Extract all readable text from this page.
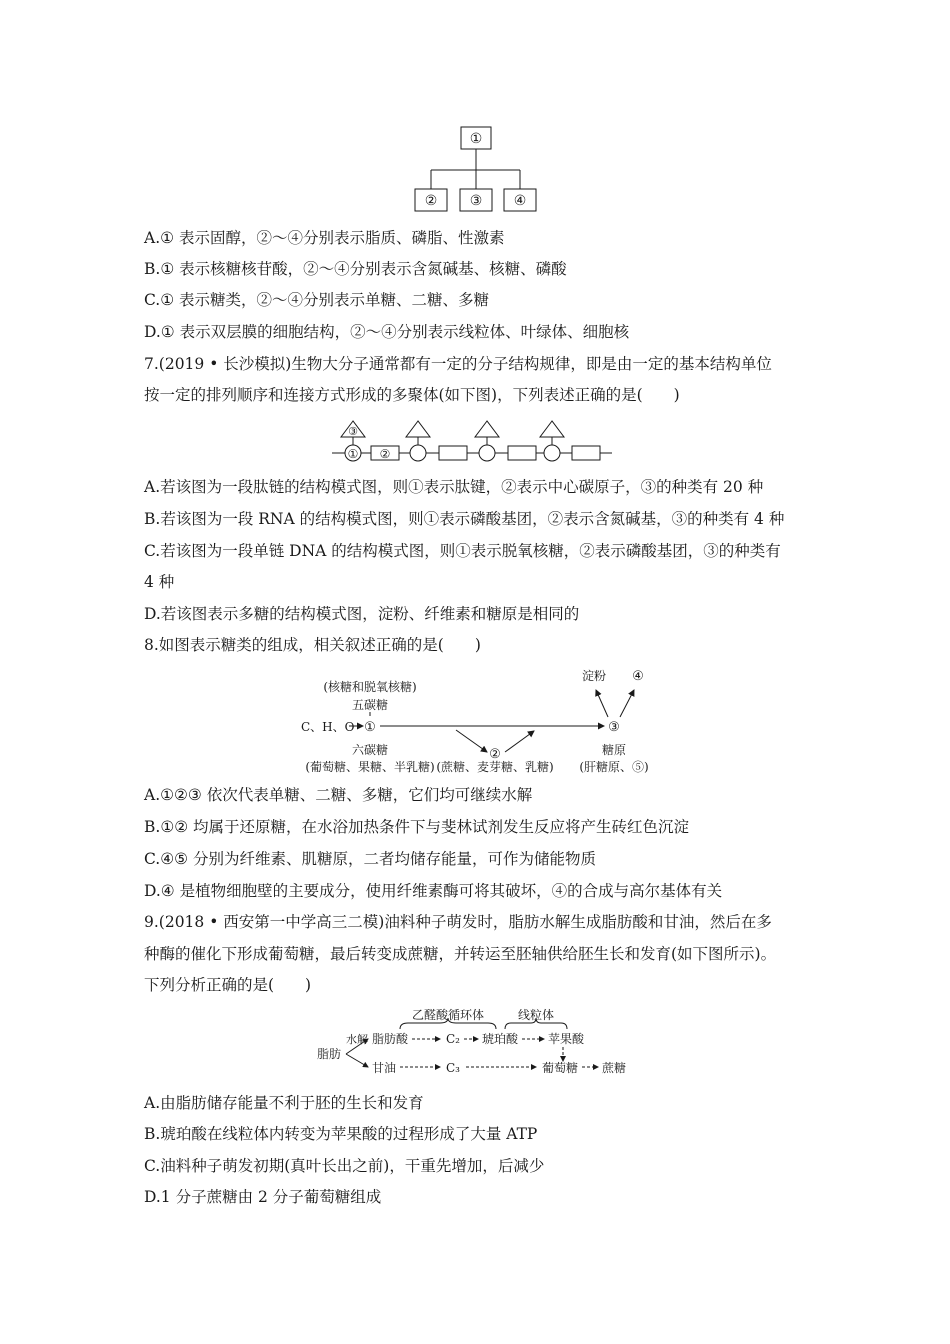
①
② ③ ④
A.① 表示固醇，②～④分别表示脂质、磷脂、性激素
B.① 表示核糖核苷酸，②～④分别表示含氮碱基、核糖、磷酸
C.① 表示糖类，②～④分别表示单糖、二糖、多糖
D.① 表示双层膜的细胞结构，②～④分别表示线粒体、叶绿体、细胞核
7.(2019 • 长沙模拟)生物大分子通常都有一定的分子结构规律，即是由一定的基本结构单位
按一定的排列顺序和连接方式形成的多聚体(如下图)，下列表述正确的是(　　)
① ②
③
A.若该图为一段肽链的结构模式图，则①表示肽键，②表示中心碳原子，③的种类有 20 种
B.若该图为一段 RNA 的结构模式图，则①表示磷酸基团，②表示含氮碱基，③的种类有 4 种
C.若该图为一段单链 DNA 的结构模式图，则①表示脱氧核糖，②表示磷酸基团，③的种类有
4 种
D.若该图表示多糖的结构模式图，淀粉、纤维素和糖原是相同的
8.如图表示糖类的组成，相关叙述正确的是(　　)
(核糖和脱氧核糖)
五碳糖
C、H、O ①
②
③
淀粉 ④
六碳糖
(葡萄糖、果糖、半乳糖) (蔗糖、麦芽糖、乳糖)
糖原
(肝糖原、⑤)
A.①②③ 依次代表单糖、二糖、多糖，它们均可继续水解
B.①② 均属于还原糖，在水浴加热条件下与斐林试剂发生反应将产生砖红色沉淀
C.④⑤ 分别为纤维素、肌糖原，二者均储存能量，可作为储能物质
D.④ 是植物细胞壁的主要成分，使用纤维素酶可将其破坏，④的合成与高尔基体有关
9.(2018 • 西安第一中学高三二模)油料种子萌发时，脂肪水解生成脂肪酸和甘油，然后在多
种酶的催化下形成葡萄糖，最后转变成蔗糖，并转运至胚轴供给胚生长和发育(如下图所示)。
下列分析正确的是(　　)
乙醛酸循环体	线粒体
脂肪
水解 脂肪酸	C₂ 琥珀酸 苹果酸
甘油	C₃	葡萄糖 蔗糖
A.由脂肪储存能量不利于胚的生长和发育
B.琥珀酸在线粒体内转变为苹果酸的过程形成了大量 ATP
C.油料种子萌发初期(真叶长出之前)，干重先增加，后减少
D.1 分子蔗糖由 2 分子葡萄糖组成
